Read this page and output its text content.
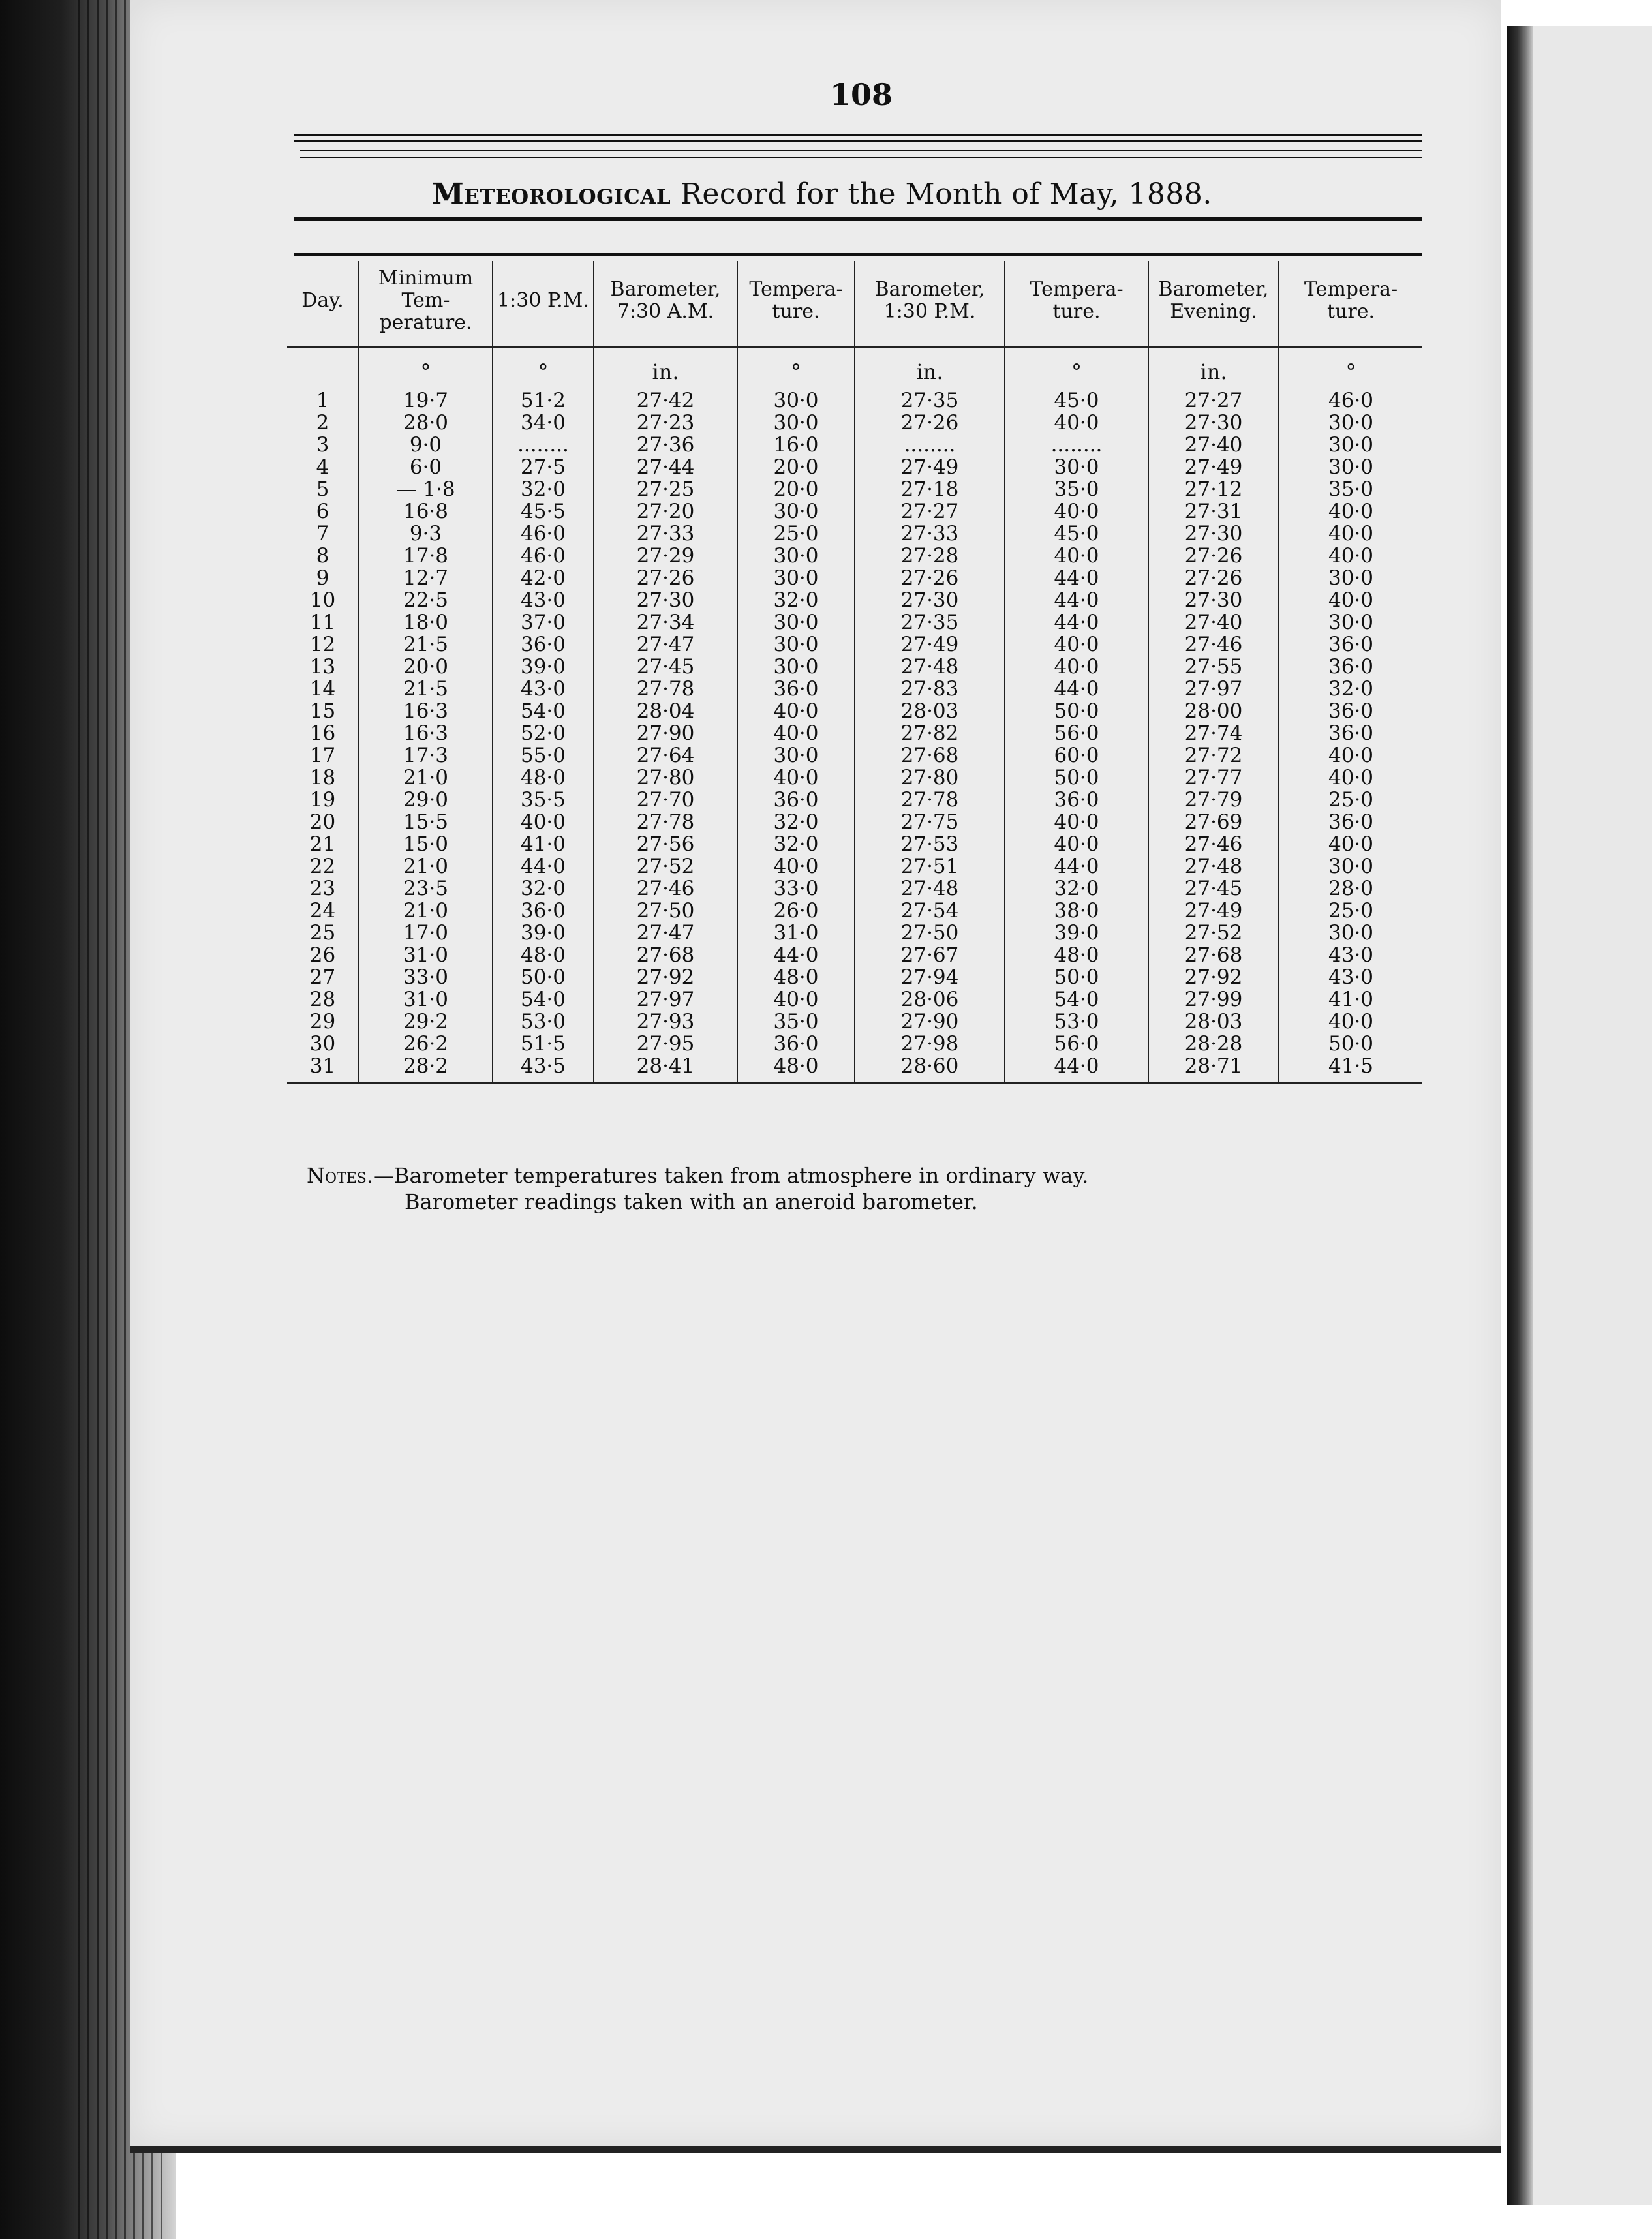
108
Meteorological Record for the Month of May, 1888.
Day.	Minimum Tem- perature.	1:30 P.M.	Barometer, 7:30 A.M.	Tempera- ture.	Barometer, 1:30 P.M.	Tempera- ture.	Barometer, Evening.	Tempera- ture.
	°	°	in.	°	in.	°	in.	°
1	19·7	51·2	27·42	30·0	27·35	45·0	27·27	46·0
2	28·0	34·0	27·23	30·0	27·26	40·0	27·30	30·0
3	9·0	........	27·36	16·0	........	........	27·40	30·0
4	6·0	27·5	27·44	20·0	27·49	30·0	27·49	30·0
5	— 1·8	32·0	27·25	20·0	27·18	35·0	27·12	35·0
6	16·8	45·5	27·20	30·0	27·27	40·0	27·31	40·0
7	9·3	46·0	27·33	25·0	27·33	45·0	27·30	40·0
8	17·8	46·0	27·29	30·0	27·28	40·0	27·26	40·0
9	12·7	42·0	27·26	30·0	27·26	44·0	27·26	30·0
10	22·5	43·0	27·30	32·0	27·30	44·0	27·30	40·0
11	18·0	37·0	27·34	30·0	27·35	44·0	27·40	30·0
12	21·5	36·0	27·47	30·0	27·49	40·0	27·46	36·0
13	20·0	39·0	27·45	30·0	27·48	40·0	27·55	36·0
14	21·5	43·0	27·78	36·0	27·83	44·0	27·97	32·0
15	16·3	54·0	28·04	40·0	28·03	50·0	28·00	36·0
16	16·3	52·0	27·90	40·0	27·82	56·0	27·74	36·0
17	17·3	55·0	27·64	30·0	27·68	60·0	27·72	40·0
18	21·0	48·0	27·80	40·0	27·80	50·0	27·77	40·0
19	29·0	35·5	27·70	36·0	27·78	36·0	27·79	25·0
20	15·5	40·0	27·78	32·0	27·75	40·0	27·69	36·0
21	15·0	41·0	27·56	32·0	27·53	40·0	27·46	40·0
22	21·0	44·0	27·52	40·0	27·51	44·0	27·48	30·0
23	23·5	32·0	27·46	33·0	27·48	32·0	27·45	28·0
24	21·0	36·0	27·50	26·0	27·54	38·0	27·49	25·0
25	17·0	39·0	27·47	31·0	27·50	39·0	27·52	30·0
26	31·0	48·0	27·68	44·0	27·67	48·0	27·68	43·0
27	33·0	50·0	27·92	48·0	27·94	50·0	27·92	43·0
28	31·0	54·0	27·97	40·0	28·06	54·0	27·99	41·0
29	29·2	53·0	27·93	35·0	27·90	53·0	28·03	40·0
30	26·2	51·5	27·95	36·0	27·98	56·0	28·28	50·0
31	28·2	43·5	28·41	48·0	28·60	44·0	28·71	41·5
Notes.—Barometer temperatures taken from atmosphere in ordinary way.
Barometer readings taken with an aneroid barometer.
